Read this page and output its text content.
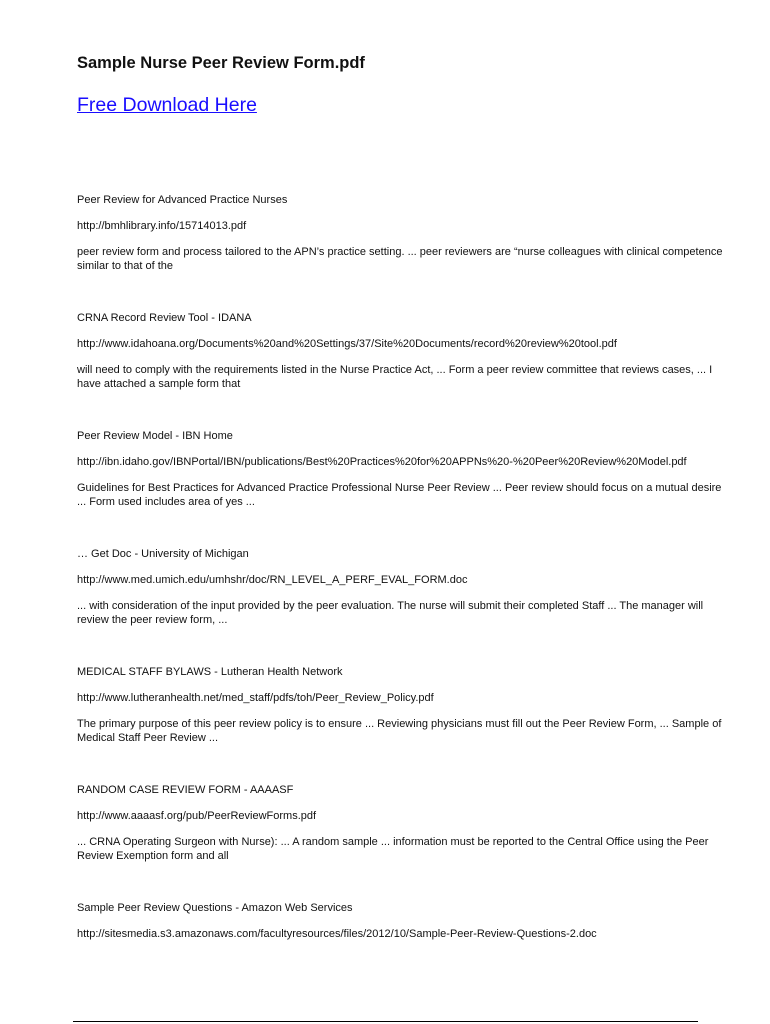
Sample Nurse Peer Review Form.pdf
Free Download Here
Peer Review for Advanced Practice Nurses
http://bmhlibrary.info/15714013.pdf
peer review form and process tailored to the APN’s practice setting. ... peer reviewers are “nurse colleagues with clinical competence similar to that of the
CRNA Record Review Tool - IDANA
http://www.idahoana.org/Documents%20and%20Settings/37/Site%20Documents/record%20review%20tool.pdf
will need to comply with the requirements listed in the Nurse Practice Act, ... Form a peer review committee that reviews cases, ... I have attached a sample form that
Peer Review Model - IBN Home
http://ibn.idaho.gov/IBNPortal/IBN/publications/Best%20Practices%20for%20APPNs%20-%20Peer%20Review%20Model.pdf
Guidelines for Best Practices for Advanced Practice Professional Nurse Peer Review ... Peer review should focus on a mutual desire ... Form used includes area of yes ...
… Get Doc - University of Michigan
http://www.med.umich.edu/umhshr/doc/RN_LEVEL_A_PERF_EVAL_FORM.doc
... with consideration of the input provided by the peer evaluation. The nurse will submit their completed Staff ... The manager will review the peer review form, ...
MEDICAL STAFF BYLAWS - Lutheran Health Network
http://www.lutheranhealth.net/med_staff/pdfs/toh/Peer_Review_Policy.pdf
The primary purpose of this peer review policy is to ensure ... Reviewing physicians must fill out the Peer Review Form, ... Sample of Medical Staff Peer Review ...
RANDOM CASE REVIEW FORM - AAAASF
http://www.aaaasf.org/pub/PeerReviewForms.pdf
... CRNA Operating Surgeon with Nurse): ... A random sample ... information must be reported to the Central Office using the Peer Review Exemption form and all
Sample Peer Review Questions - Amazon Web Services
http://sitesmedia.s3.amazonaws.com/facultyresources/files/2012/10/Sample-Peer-Review-Questions-2.doc
